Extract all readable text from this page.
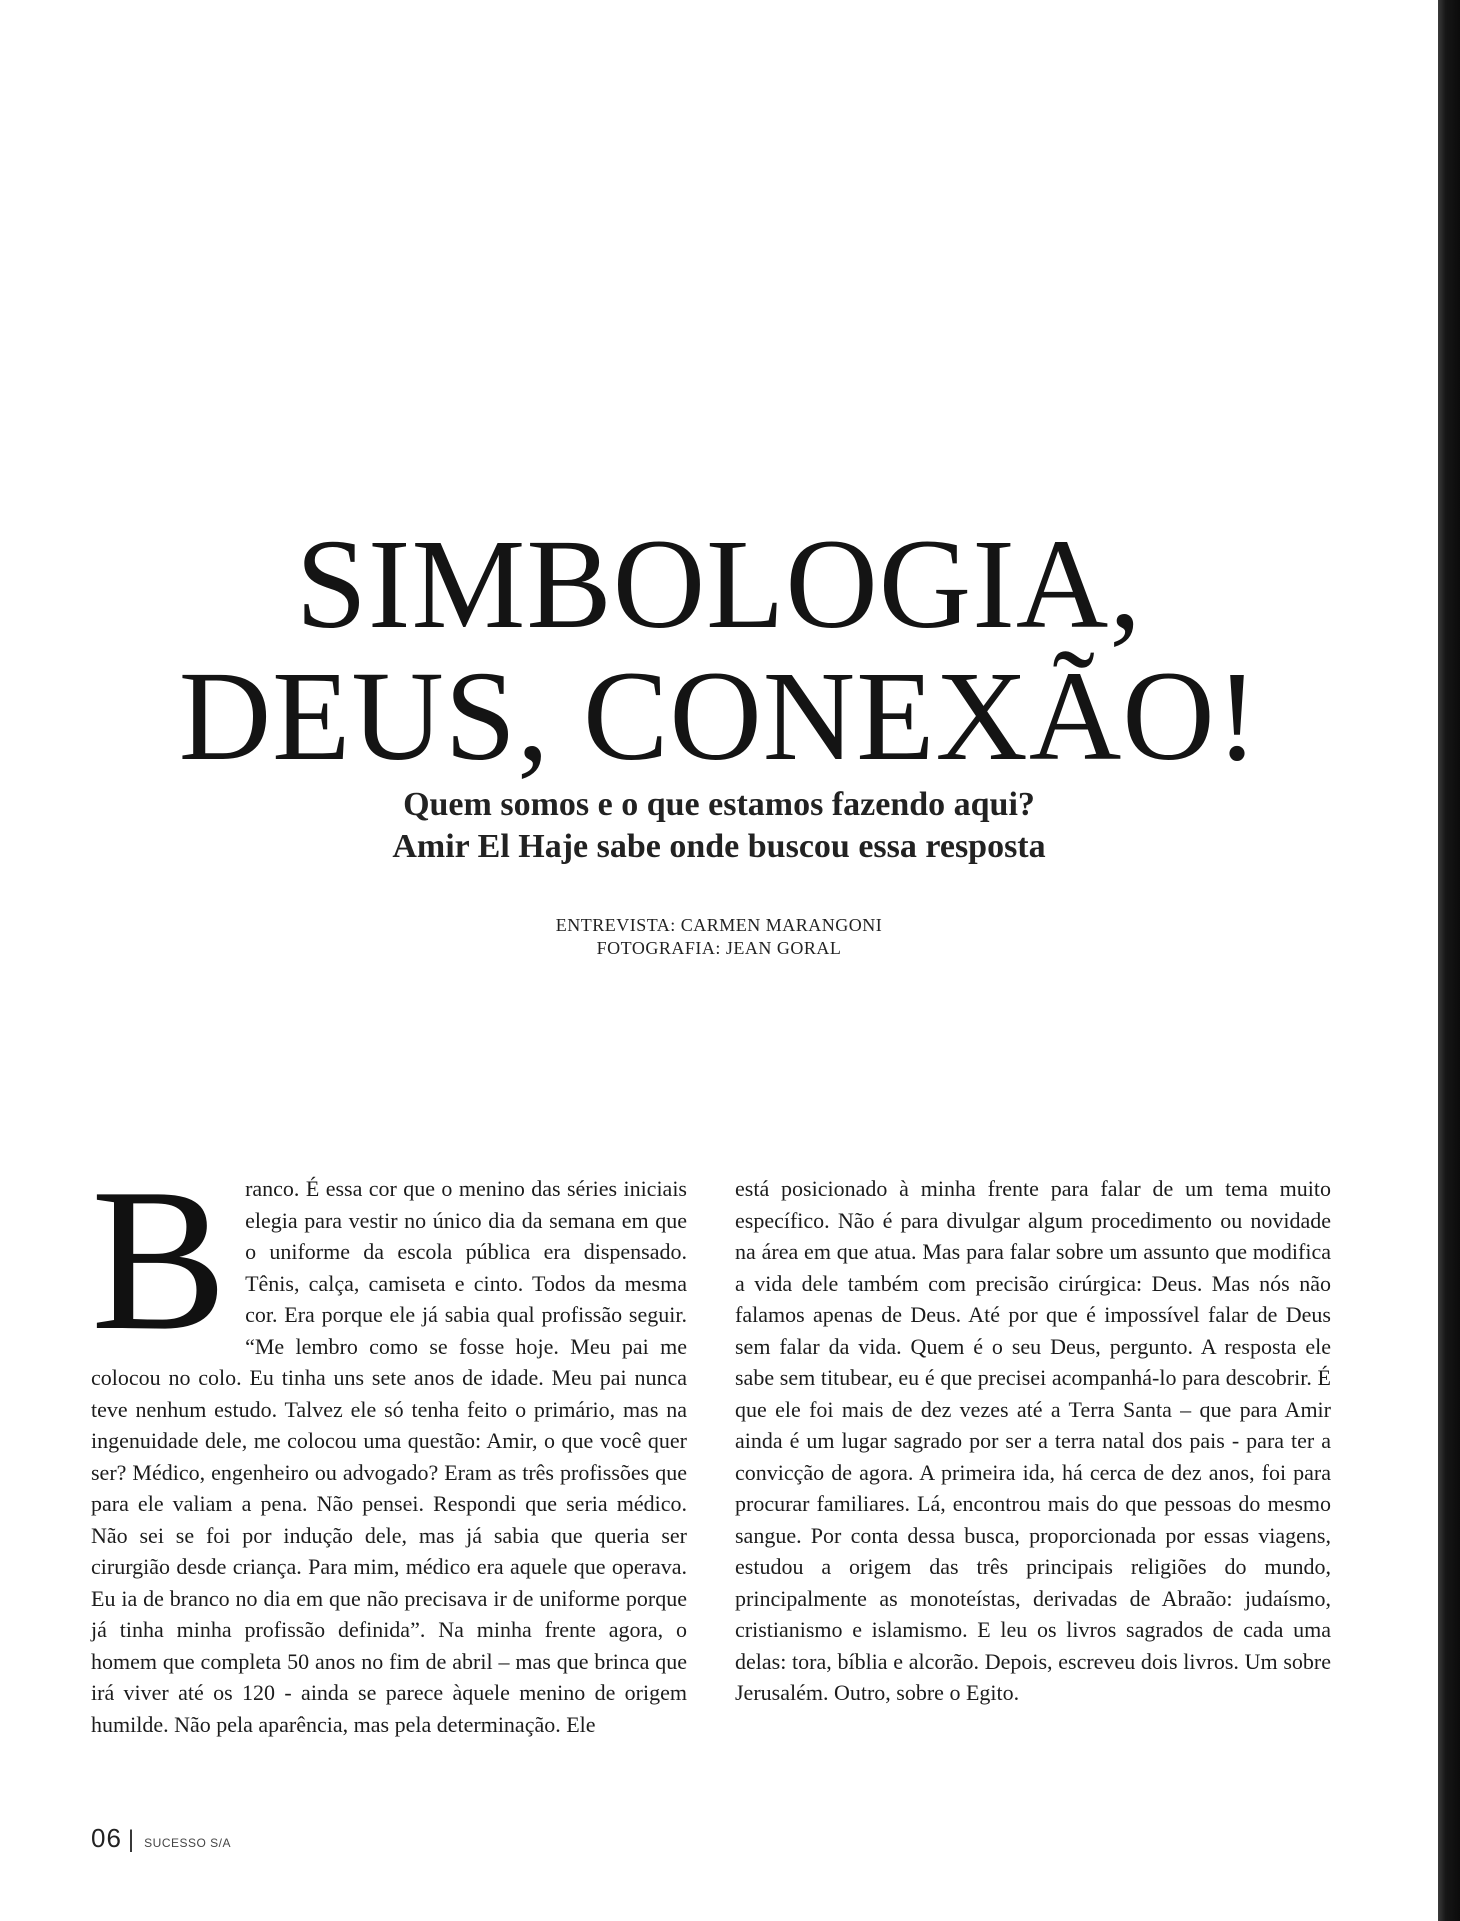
SIMBOLOGIA,
DEUS, CONEXÃO!
Quem somos e o que estamos fazendo aqui?
Amir El Haje sabe onde buscou essa resposta
ENTREVISTA: CARMEN MARANGONI
FOTOGRAFIA: JEAN GORAL

Branco. É essa cor que o menino das séries iniciais elegia para vestir no único dia da semana em que o uniforme da escola pública era dispensado. Tênis, calça, camiseta e cinto. Todos da mesma cor. Era porque ele já sabia qual profissão seguir. “Me lembro como se fosse hoje. Meu pai me colocou no colo. Eu tinha uns sete anos de idade. Meu pai nunca teve nenhum estudo. Talvez ele só tenha feito o primário, mas na ingenuidade dele, me colocou uma questão: Amir, o que você quer ser? Médico, engenheiro ou advogado? Eram as três profissões que para ele valiam a pena. Não pensei. Respondi que seria médico. Não sei se foi por indução dele, mas já sabia que queria ser cirurgião desde criança. Para mim, médico era aquele que operava. Eu ia de branco no dia em que não precisava ir de uniforme porque já tinha minha profissão definida”. Na minha frente agora, o homem que completa 50 anos no fim de abril – mas que brinca que irá viver até os 120 - ainda se parece àquele menino de origem humilde. Não pela aparência, mas pela determinação. Ele

está posicionado à minha frente para falar de um tema muito específico. Não é para divulgar algum procedimento ou novidade na área em que atua. Mas para falar sobre um assunto que modifica a vida dele também com precisão cirúrgica: Deus. Mas nós não falamos apenas de Deus. Até por que é impossível falar de Deus sem falar da vida. Quem é o seu Deus, pergunto. A resposta ele sabe sem titubear, eu é que precisei acompanhá-lo para descobrir. É que ele foi mais de dez vezes até a Terra Santa – que para Amir ainda é um lugar sagrado por ser a terra natal dos pais - para ter a convicção de agora. A primeira ida, há cerca de dez anos, foi para procurar familiares. Lá, encontrou mais do que pessoas do mesmo sangue. Por conta dessa busca, proporcionada por essas viagens, estudou a origem das três principais religiões do mundo, principalmente as monoteístas, derivadas de Abraão: judaísmo, cristianismo e islamismo. E leu os livros sagrados de cada uma delas: tora, bíblia e alcorão. Depois, escreveu dois livros. Um sobre Jerusalém. Outro, sobre o Egito.

06 | SUCESSO S/A
